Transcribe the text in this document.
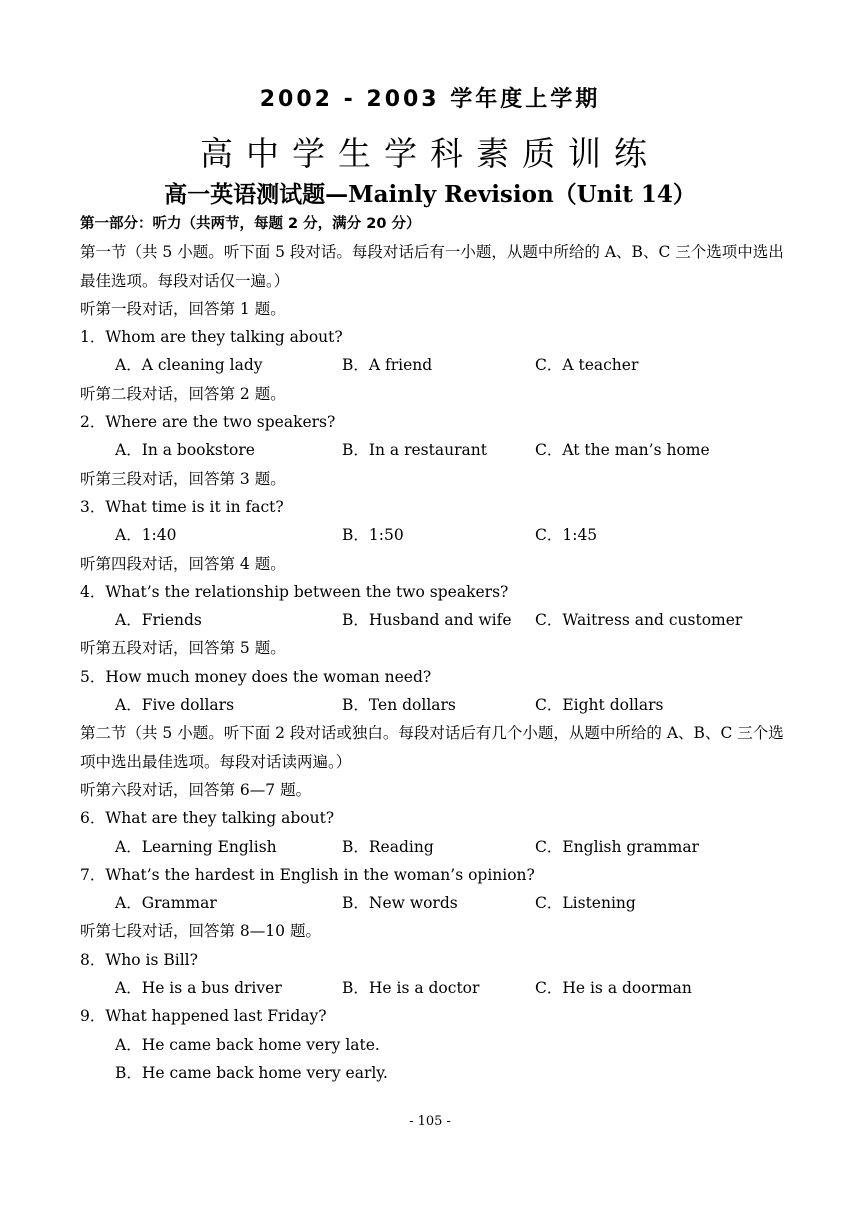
2002 - 2003 学年度上学期
高中学生学科素质训练
高一英语测试题—Mainly Revision（Unit 14）
第一部分：听力（共两节，每题 2 分，满分 20 分）
第一节（共 5 小题。听下面 5 段对话。每段对话后有一小题，从题中所给的 A、B、C 三个选项中选出最佳选项。每段对话仅一遍。）
听第一段对话，回答第 1 题。
1．Whom are they talking about?
A．A cleaning lady	B．A friend	C．A teacher
听第二段对话，回答第 2 题。
2．Where are the two speakers?
A．In a bookstore	B．In a restaurant	C．At the man’s home
听第三段对话，回答第 3 题。
3．What time is it in fact?
A．1:40	B．1:50	C．1:45
听第四段对话，回答第 4 题。
4．What’s the relationship between the two speakers?
A．Friends	B．Husband and wife	C．Waitress and customer
听第五段对话，回答第 5 题。
5．How much money does the woman need?
A．Five dollars	B．Ten dollars	C．Eight dollars
第二节（共 5 小题。听下面 2 段对话或独白。每段对话后有几个小题，从题中所给的 A、B、C 三个选项中选出最佳选项。每段对话读两遍。）
听第六段对话，回答第 6—7 题。
6．What are they talking about?
A．Learning English	B．Reading	C．English grammar
7．What’s the hardest in English in the woman’s opinion?
A．Grammar	B．New words	C．Listening
听第七段对话，回答第 8—10 题。
8．Who is Bill?
A．He is a bus driver	B．He is a doctor	C．He is a doorman
9．What happened last Friday?
A．He came back home very late.
B．He came back home very early.
- 105 -
